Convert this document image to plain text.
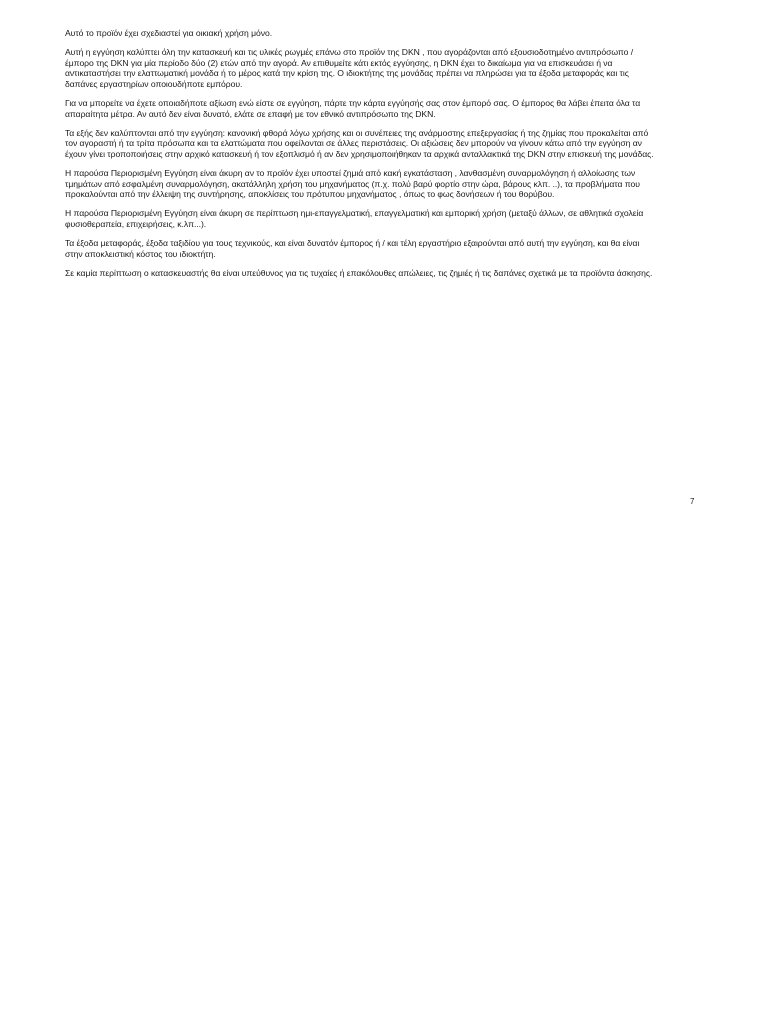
Αυτό το προϊόν έχει σχεδιαστεί για οικιακή χρήση μόνο.

Αυτή η εγγύηση καλύπτει όλη την κατασκευή και τις υλικές ρωγμές επάνω στο προϊόν της DKN , που αγοράζονται από εξουσιοδοτημένο αντιπρόσωπο /
έμπορο της DKN για μία περίοδο δύο (2) ετών από την αγορά. Αν επιθυμείτε κάτι εκτός εγγύησης, η DKN έχει το δικαίωμα για να επισκευάσει ή να
αντικαταστήσει την ελαττωματική μονάδα ή το μέρος κατά την κρίση της. Ο ιδιοκτήτης της μονάδας πρέπει να πληρώσει για τα έξοδα μεταφοράς και τις
δαπάνες εργαστηρίων οποιουδήποτε εμπόρου.

Για να μπορείτε να έχετε οποιαδήποτε αξίωση ενώ είστε σε εγγύηση, πάρτε την κάρτα εγγύησής σας στον έμπορό σας. Ο έμπορος θα λάβει έπειτα όλα τα
απαραίτητα μέτρα. Αν αυτό δεν είναι δυνατό, ελάτε σε επαφή με τον εθνικό αντιπρόσωπο της DKN.

Τα εξής δεν καλύπτονται από την εγγύηση: κανονική φθορά λόγω χρήσης και οι συνέπειες της ανάρμοστης επεξεργασίας ή της ζημίας που προκαλείται από
τον αγοραστή ή τα τρίτα πρόσωπα και τα ελαττώματα που οφείλονται σε άλλες περιστάσεις. Οι αξιώσεις δεν μπορούν να γίνουν κάτω από την εγγύηση αν
έχουν γίνει τροποποιήσεις στην αρχικό κατασκευή ή τον εξοπλισμό ή αν δεν χρησιμοποιήθηκαν τα αρχικά ανταλλακτικά της DKN στην επισκευή της μονάδας.

Η παρούσα Περιορισμένη Εγγύηση είναι άκυρη αν το προϊόν έχει υποστεί ζημιά από κακή εγκατάσταση , λανθασμένη συναρμολόγηση ή αλλοίωσης των
τμημάτων από εσφαλμένη συναρμολόγηση, ακατάλληλη χρήση του μηχανήματος (π.χ. πολύ βαρύ φορτίο στην ώρα, βάρους κλπ. ..), τα προβλήματα που
προκαλούνται από την έλλειψη της συντήρησης, αποκλίσεις του πρότυπου μηχανήματος , όπως το φως δονήσεων ή του θορύβου.

Η παρούσα Περιορισμένη Εγγύηση είναι άκυρη σε περίπτωση ημι-επαγγελματική, επαγγελματική και εμπορική χρήση (μεταξύ άλλων, σε αθλητικά σχολεία
φυσιοθεραπεία, επιχειρήσεις, κ.λπ...).

Τα έξοδα μεταφοράς, έξοδα ταξιδίου για τους τεχνικούς, και είναι δυνατόν έμπορος ή / και τέλη εργαστήριο εξαιρούνται από αυτή την εγγύηση, και θα είναι
στην αποκλειστική κόστος του ιδιοκτήτη.

Σε καμία περίπτωση ο κατασκευαστής θα είναι υπεύθυνος για τις τυχαίες ή επακόλουθες απώλειες, τις ζημιές ή τις δαπάνες σχετικά με τα προϊόντα άσκησης.

7
